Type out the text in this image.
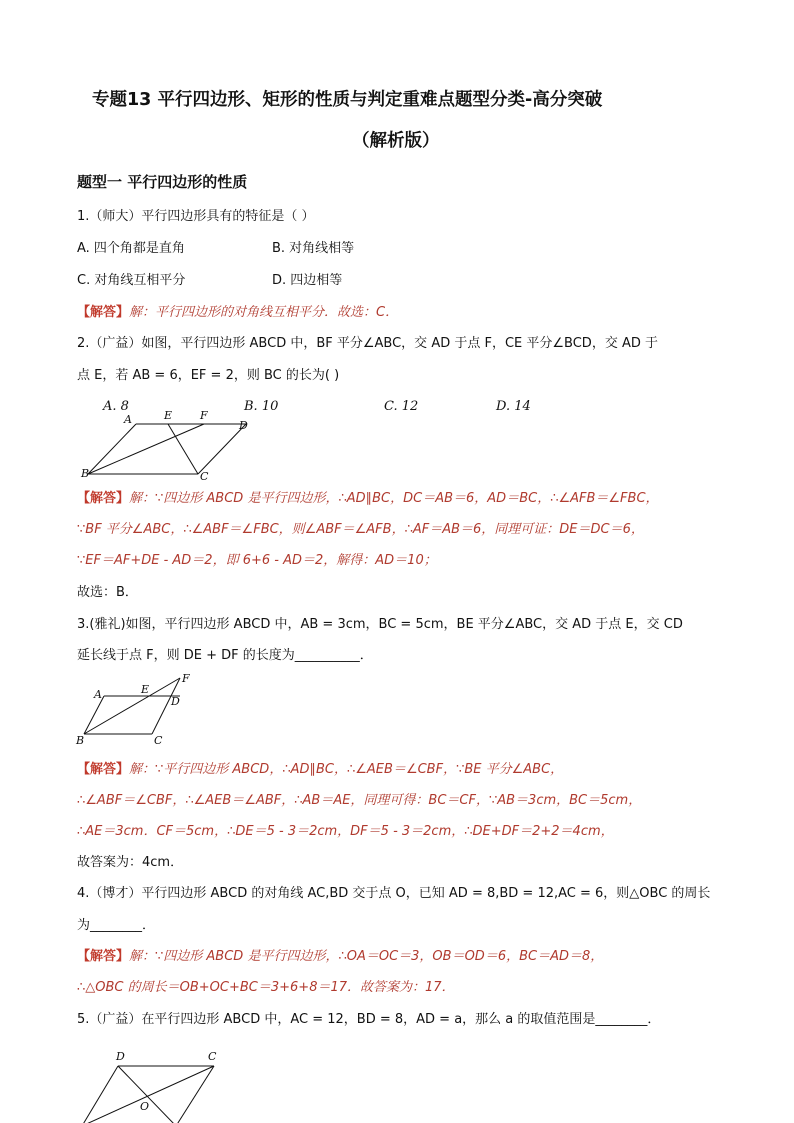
专题13 平行四边形、矩形的性质与判定重难点题型分类-高分突破
（解析版）
题型一 平行四边形的性质
1.（师大）平行四边形具有的特征是（ ）
A. 四个角都是直角	B. 对角线相等
C. 对角线互相平分	D. 四边相等
【解答】解：平行四边形的对角线互相平分．故选：C．
2.（广益）如图，平行四边形 ABCD 中，BF 平分∠ABC，交 AD 于点 F，CE 平分∠BCD，交 AD 于
点 E，若 AB = 6，EF = 2，则 BC 的长为( )
A. 8	B. 10	C. 12	D. 14
A	E	F
D
B	C
【解答】解：∵四边形 ABCD 是平行四边形，∴AD∥BC，DC＝AB＝6，AD＝BC，∴∠AFB＝∠FBC，
∵BF 平分∠ABC，∴∠ABF＝∠FBC，则∠ABF＝∠AFB，∴AF＝AB＝6，同理可证：DE＝DC＝6，
∵EF＝AF+DE - AD＝2，即 6+6 - AD＝2，解得：AD＝10；
故选：B．
3.(雅礼)如图，平行四边形 ABCD 中，AB = 3cm，BC = 5cm，BE 平分∠ABC，交 AD 于点 E，交 CD
延长线于点 F，则 DE + DF 的长度为__________．
F
A	E
D
B	C
【解答】解：∵平行四边形 ABCD，∴AD∥BC，∴∠AEB＝∠CBF，∵BE 平分∠ABC，
∴∠ABF＝∠CBF，∴∠AEB＝∠ABF，∴AB＝AE，同理可得：BC＝CF，∵AB＝3cm，BC＝5cm，
∴AE＝3cm．CF＝5cm，∴DE＝5 - 3＝2cm，DF＝5 - 3＝2cm，∴DE+DF＝2+2＝4cm，
故答案为：4cm．
4.（博才）平行四边形 ABCD 的对角线 AC,BD 交于点 O，已知 AD = 8,BD = 12,AC = 6，则△OBC 的周长
为________．
【解答】解：∵四边形 ABCD 是平行四边形，∴OA＝OC＝3，OB＝OD＝6，BC＝AD＝8，
∴△OBC 的周长＝OB+OC+BC＝3+6+8＝17．故答案为：17．
5.（广益）在平行四边形 ABCD 中，AC = 12，BD = 8，AD = a，那么 a 的取值范围是________．
D	C
O
